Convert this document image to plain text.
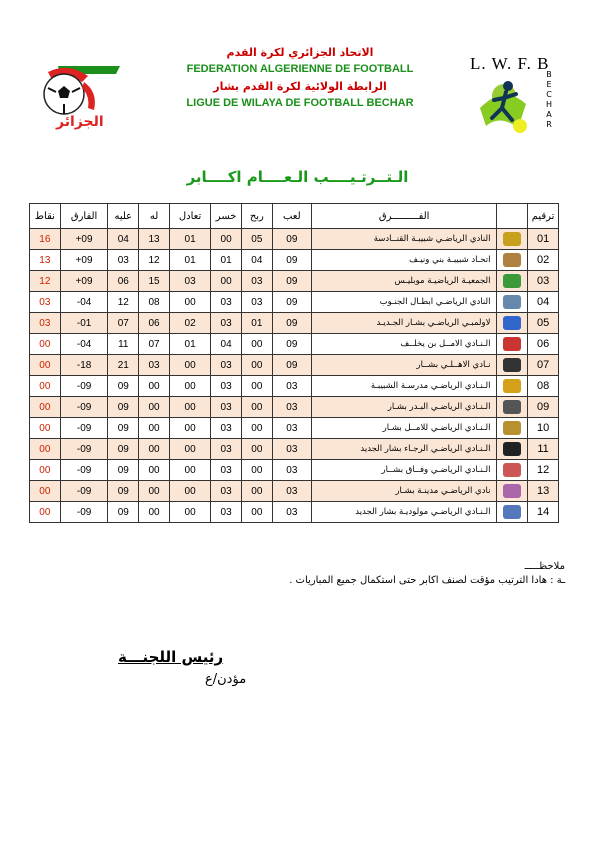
الجزائر
الاتحاد الجزائري لكرة القدم
FEDERATION ALGERIENNE DE FOOTBALL
الرابطة الولائية لكرة القدم بشار
LIGUE DE WILAYA DE FOOTBALL BECHAR
L. W. F. B
BECHAR
الـتــرتـيــــب الـعــــام اكــــابر
نقاط	الفارق	عليه	له	تعادل	خسر	ربح	لعب	الفـــــــــرق		ترقيم
16	+09	04	13	01	00	05	09	النادي الرياضـي شبيبـة القنــادسة		01
13	+09	03	12	01	01	04	09	اتحـاد شبيبـة بني ونيـف		02
12	+09	06	15	03	00	03	09	الجمعيـة الرياضيـة موبليـس		03
03	-04	12	08	00	03	03	09	النادي الرياضـي ابطـال الجنـوب		04
03	-01	07	06	02	03	01	09	لاولمبـي الرياضـي بشـار الجـديـد		05
00	-04	11	07	01	04	00	09	الـنـادي الامــل بن يخلــف		06
00	-18	21	03	00	03	00	09	نـادي الاهــلـي بشــار		07
00	-09	09	00	00	03	00	03	الـنـادي الرياضـي مدرسـة الشبيبـة		08
00	-09	09	00	00	03	00	03	الـنـادي الرياضـي البـدر بشـار		09
00	-09	09	00	00	03	00	03	الـنـادي الرياضـي للامــل بشـار		10
00	-09	09	00	00	03	00	03	الـنـادي الرياضـي الرجـاء بشار الجديد		11
00	-09	09	00	00	03	00	03	الـنـادي الرياضـي وفــاق بشــار		12
00	-09	09	00	00	03	00	03	نادي الرياضـي مدينـة بشـار		13
00	-09	09	00	00	03	00	03	الـنـادي الرياضـي مولوديـة بشار الجديد		14
ملاحظـــــ
ـة : هادا الترتيب مؤقت لصنف اكابر حتى استكمال جميع المباريات .
رئيس اللجنـــة
مؤدن/ع
